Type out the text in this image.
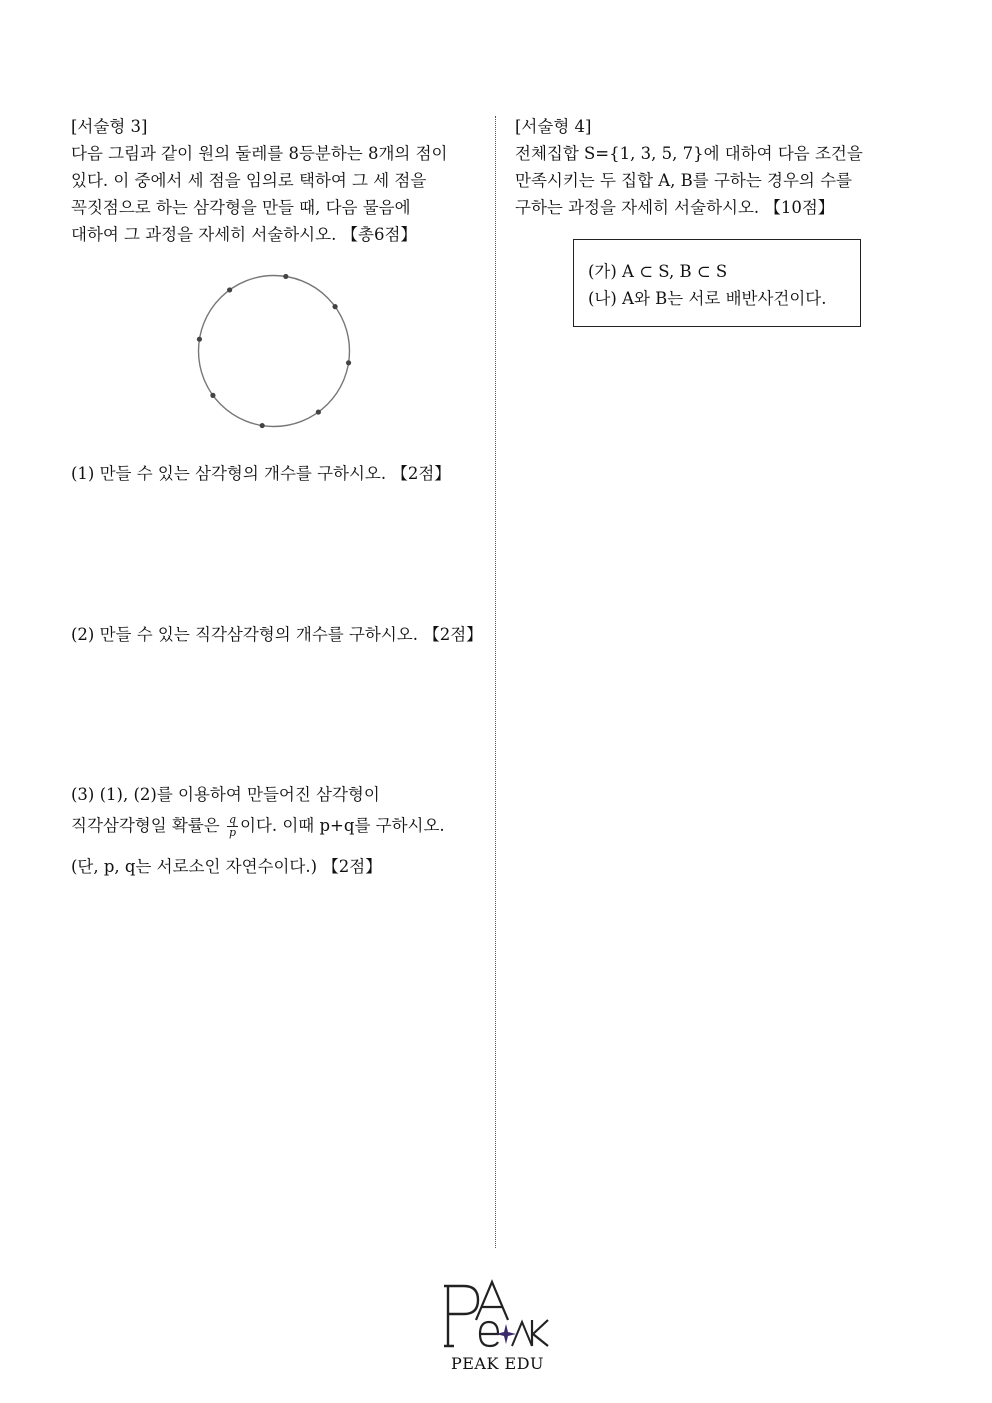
[서술형 3]
다음 그림과 같이 원의 둘레를 8등분하는 8개의 점이
있다. 이 중에서 세 점을 임의로 택하여 그 세 점을
꼭짓점으로 하는 삼각형을 만들 때, 다음 물음에
대하여 그 과정을 자세히 서술하시오. 【총6점】
(1) 만들 수 있는 삼각형의 개수를 구하시오. 【2점】
(2) 만들 수 있는 직각삼각형의 개수를 구하시오. 【2점】
(3) (1), (2)를 이용하여 만들어진 삼각형이
직각삼각형일 확률은 $\frac{q}{p}$ 이다. 이때 p+q를 구하시오.
(단, p, q는 서로소인 자연수이다.) 【2점】
[서술형 4]
전체집합 S={1, 3, 5, 7}에 대하여 다음 조건을
만족시키는 두 집합 A, B를 구하는 경우의 수를
구하는 과정을 자세히 서술하시오. 【10점】
(가) A ⊂ S, B ⊂ S
(나) A와 B는 서로 배반사건이다.
PEAK EDU
